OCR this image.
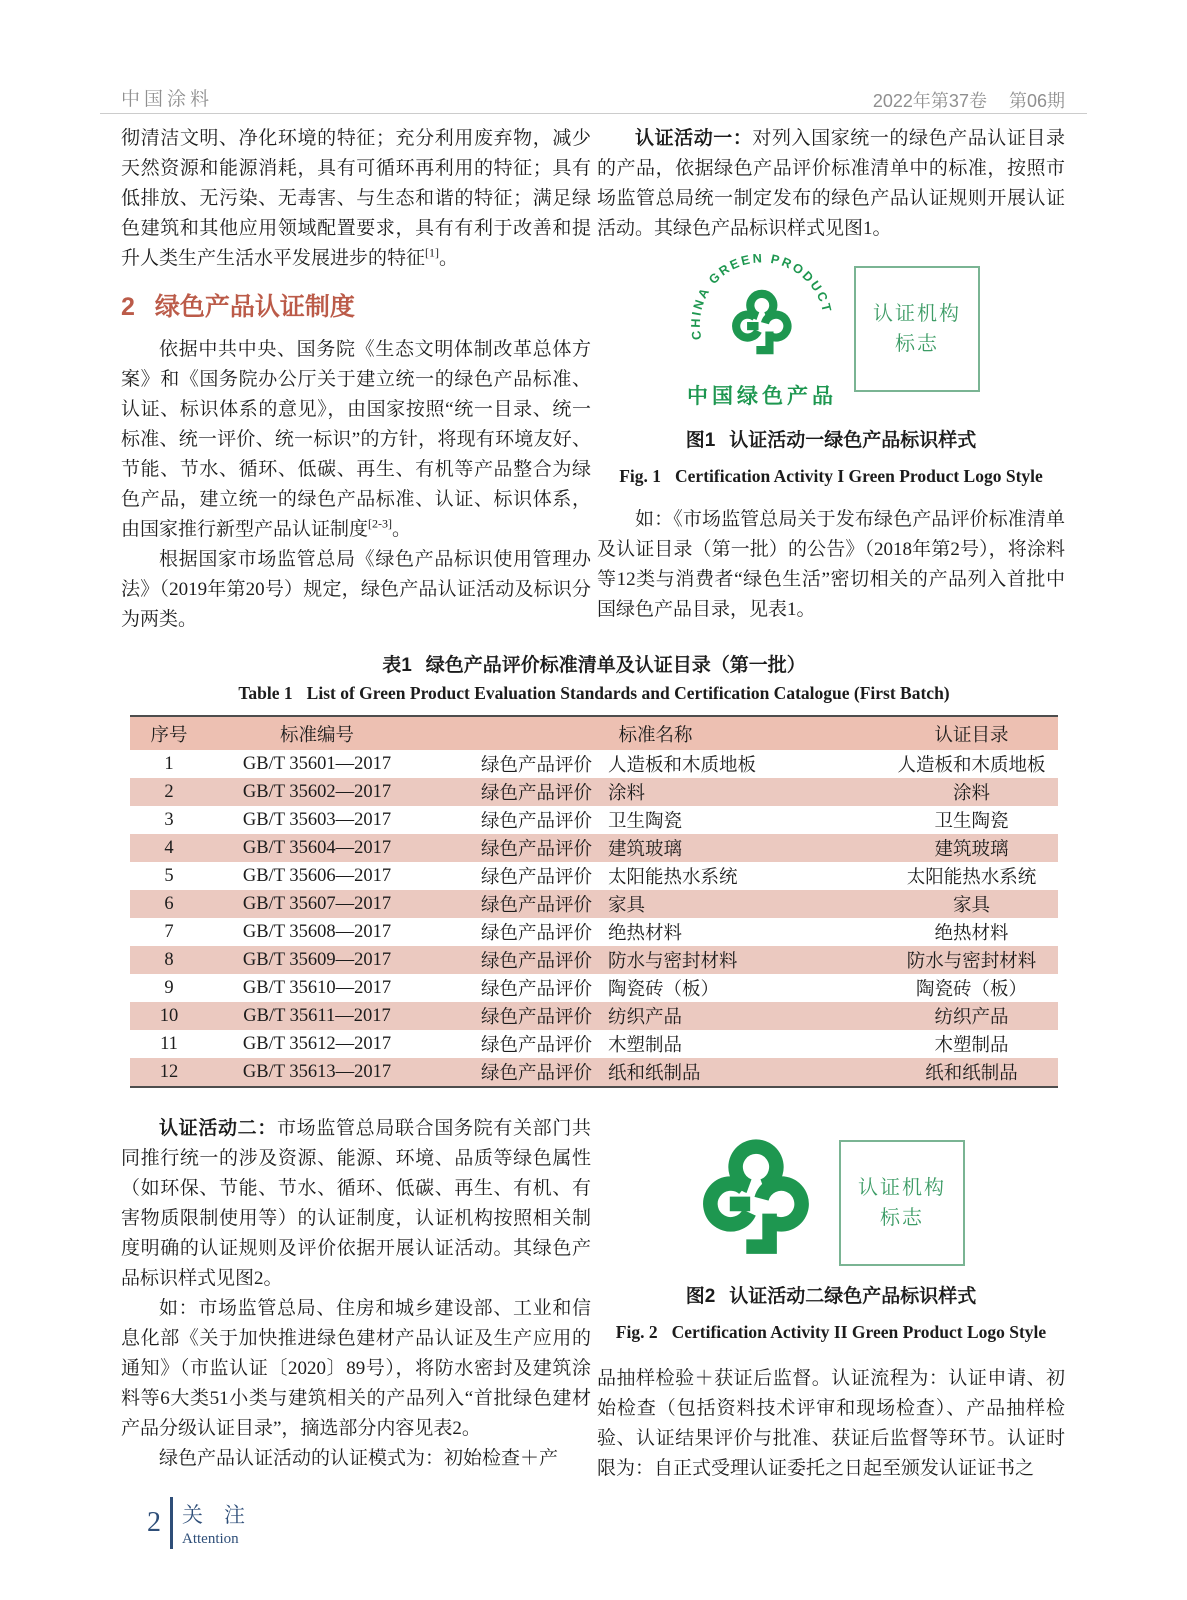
中国涂料	2022年第37卷 第06期

彻清洁文明、净化环境的特征；充分利用废弃物，减少天然资源和能源消耗，具有可循环再利用的特征；具有低排放、无污染、无毒害、与生态和谐的特征；满足绿色建筑和其他应用领域配置要求，具有有利于改善和提升人类生产生活水平发展进步的特征[1]。

2 绿色产品认证制度

依据中共中央、国务院《生态文明体制改革总体方案》和《国务院办公厅关于建立统一的绿色产品标准、认证、标识体系的意见》，由国家按照“统一目录、统一标准、统一评价、统一标识”的方针，将现有环境友好、节能、节水、循环、低碳、再生、有机等产品整合为绿色产品，建立统一的绿色产品标准、认证、标识体系，由国家推行新型产品认证制度[2-3]。

根据国家市场监管总局《绿色产品标识使用管理办法》（2019年第20号）规定，绿色产品认证活动及标识分为两类。

认证活动一：对列入国家统一的绿色产品认证目录的产品，依据绿色产品评价标准清单中的标准，按照市场监管总局统一制定发布的绿色产品认证规则开展认证活动。其绿色产品标识样式见图1。

CHINA GREEN PRODUCT
中国绿色产品
认证机构
标志
图1 认证活动一绿色产品标识样式
Fig. 1 Certification Activity I Green Product Logo Style

如：《市场监管总局关于发布绿色产品评价标准清单及认证目录（第一批）的公告》（2018年第2号），将涂料等12类与消费者“绿色生活”密切相关的产品列入首批中国绿色产品目录，见表1。

表1 绿色产品评价标准清单及认证目录（第一批）
Table 1 List of Green Product Evaluation Standards and Certification Catalogue (First Batch)
序号	标准编号	标准名称	认证目录
1	GB/T 35601—2017	绿色产品评价 人造板和木质地板	人造板和木质地板
2	GB/T 35602—2017	绿色产品评价 涂料	涂料
3	GB/T 35603—2017	绿色产品评价 卫生陶瓷	卫生陶瓷
4	GB/T 35604—2017	绿色产品评价 建筑玻璃	建筑玻璃
5	GB/T 35606—2017	绿色产品评价 太阳能热水系统	太阳能热水系统
6	GB/T 35607—2017	绿色产品评价 家具	家具
7	GB/T 35608—2017	绿色产品评价 绝热材料	绝热材料
8	GB/T 35609—2017	绿色产品评价 防水与密封材料	防水与密封材料
9	GB/T 35610—2017	绿色产品评价 陶瓷砖（板）	陶瓷砖（板）
10	GB/T 35611—2017	绿色产品评价 纺织产品	纺织产品
11	GB/T 35612—2017	绿色产品评价 木塑制品	木塑制品
12	GB/T 35613—2017	绿色产品评价 纸和纸制品	纸和纸制品

认证活动二：市场监管总局联合国务院有关部门共同推行统一的涉及资源、能源、环境、品质等绿色属性（如环保、节能、节水、循环、低碳、再生、有机、有害物质限制使用等）的认证制度，认证机构按照相关制度明确的认证规则及评价依据开展认证活动。其绿色产品标识样式见图2。

如：市场监管总局、住房和城乡建设部、工业和信息化部《关于加快推进绿色建材产品认证及生产应用的通知》（市监认证〔2020〕89号），将防水密封及建筑涂料等6大类51小类与建筑相关的产品列入“首批绿色建材产品分级认证目录”，摘选部分内容见表2。

绿色产品认证活动的认证模式为：初始检查＋产

认证机构
标志
图2 认证活动二绿色产品标识样式
Fig. 2 Certification Activity II Green Product Logo Style

品抽样检验＋获证后监督。认证流程为：认证申请、初始检查（包括资料技术评审和现场检查）、产品抽样检验、认证结果评价与批准、获证后监督等环节。认证时限为：自正式受理认证委托之日起至颁发认证证书之

2 关　注
Attention
